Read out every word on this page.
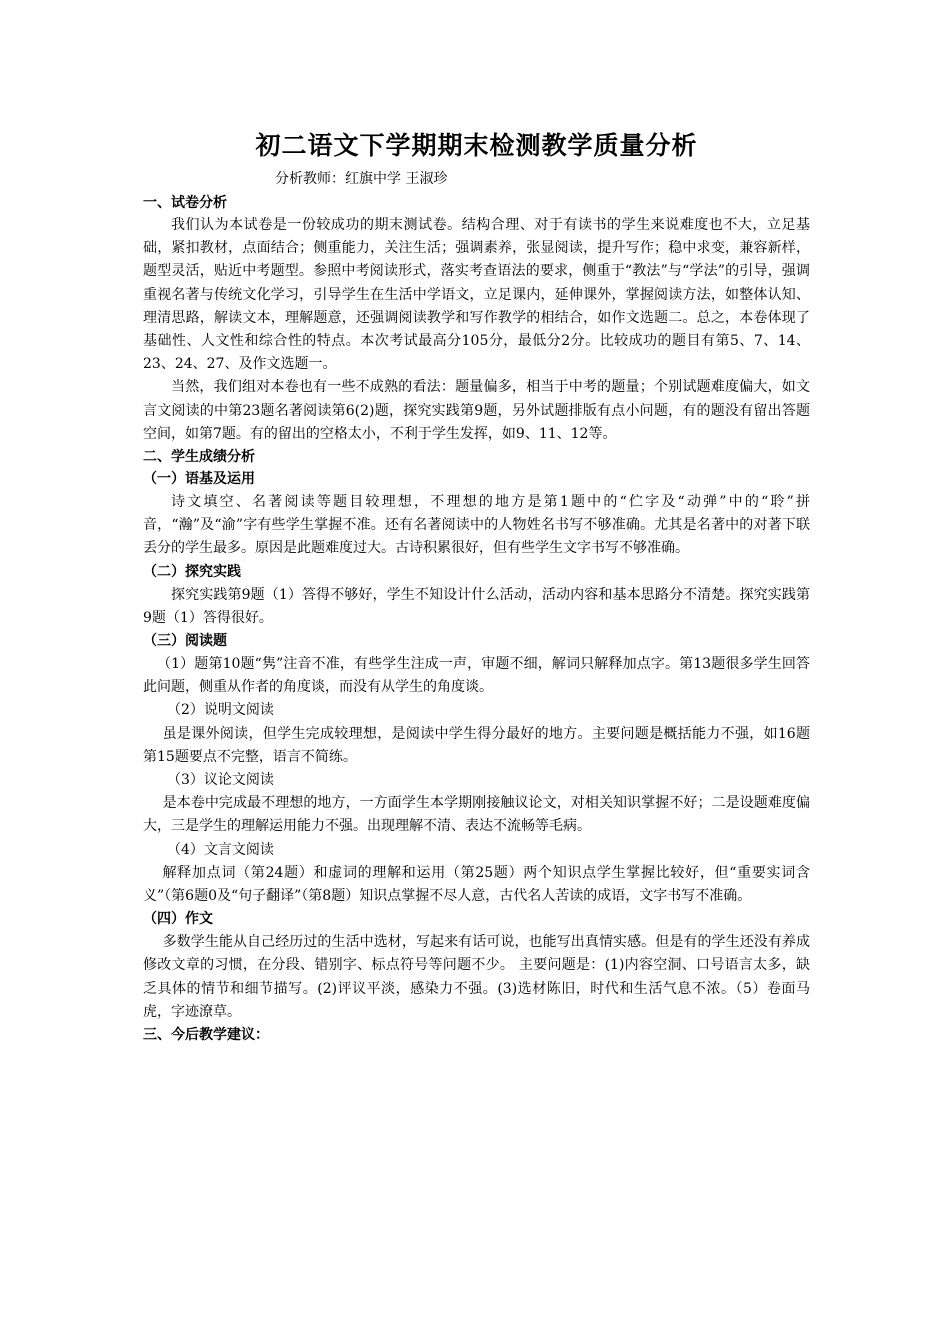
初二语文下学期期末检测教学质量分析
分析教师：红旗中学 王淑珍
一、试卷分析

我们认为本试卷是一份较成功的期末测试卷。结构合理、对于有读书的学生来说难度也不大，立足基础，紧扣教材，点面结合；侧重能力，关注生活；强调素养，张显阅读，提升写作；稳中求变，兼容新样，题型灵活，贴近中考题型。参照中考阅读形式，落实考查语法的要求，侧重于“教法”与“学法”的引导，强调重视名著与传统文化学习，引导学生在生活中学语文，立足课内，延伸课外，掌握阅读方法，如整体认知、理清思路，解读文本，理解题意，还强调阅读教学和写作教学的相结合，如作文选题二。总之，本卷体现了基础性、人文性和综合性的特点。本次考试最高分105分，最低分2分。比较成功的题目有第5、7、14、23、24、27、及作文选题一。

当然，我们组对本卷也有一些不成熟的看法：题量偏多，相当于中考的题量；个别试题难度偏大，如文言文阅读的中第23题名著阅读第6(2)题，探究实践第9题，另外试题排版有点小问题，有的题没有留出答题空间，如第7题。有的留出的空格太小，不利于学生发挥，如9、11、12等。

二、学生成绩分析
（一）语基及运用

诗文填空、名著阅读等题目较理想，不理想的地方是第1题中的“伫字及“动弹”中的“聆”拼音，“瀚”及“渝”字有些学生掌握不准。还有名著阅读中的人物姓名书写不够准确。尤其是名著中的对著下联丢分的学生最多。原因是此题难度过大。古诗积累很好，但有些学生文字书写不够准确。

（二）探究实践

探究实践第9题（1）答得不够好，学生不知设计什么活动，活动内容和基本思路分不清楚。探究实践第9题（1）答得很好。

（三）阅读题

（1）题第10题“隽”注音不准，有些学生注成一声，审题不细，解词只解释加点字。第13题很多学生回答此问题，侧重从作者的角度谈，而没有从学生的角度谈。

（2）说明文阅读

虽是课外阅读，但学生完成较理想，是阅读中学生得分最好的地方。主要问题是概括能力不强，如16题第15题要点不完整，语言不简练。

（3）议论文阅读

是本卷中完成最不理想的地方，一方面学生本学期刚接触议论文，对相关知识掌握不好；二是设题难度偏大，三是学生的理解运用能力不强。出现理解不清、表达不流畅等毛病。

（4）文言文阅读

解释加点词（第24题）和虚词的理解和运用（第25题）两个知识点学生掌握比较好，但“重要实词含义”（第6题0及“句子翻译”（第8题）知识点掌握不尽人意，古代名人苦读的成语，文字书写不准确。

（四）作文

多数学生能从自己经历过的生活中选材，写起来有话可说，也能写出真情实感。但是有的学生还没有养成修改文章的习惯，在分段、错别字、标点符号等问题不少。 主要问题是：(1)内容空洞、口号语言太多，缺乏具体的情节和细节描写。(2)评议平淡，感染力不强。(3)选材陈旧，时代和生活气息不浓。（5）卷面马虎，字迹潦草。

三、今后教学建议：
